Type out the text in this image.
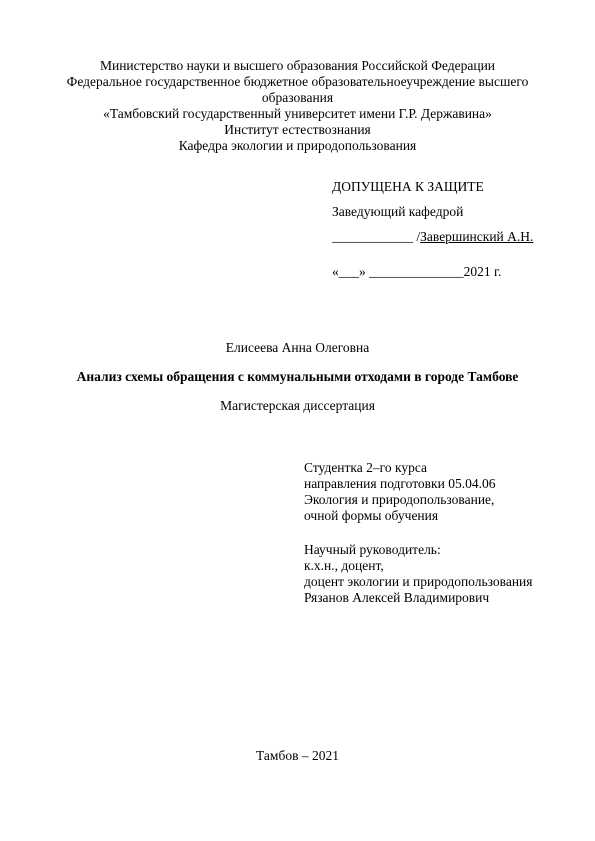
Министерство науки и высшего образования Российской Федерации
Федеральное государственное бюджетное образовательноеучреждение высшего
образования
«Тамбовский государственный университет имени Г.Р. Державина»
Институт естествознания
Кафедра экологии и природопользования
ДОПУЩЕНА К ЗАЩИТЕ
Заведующий кафедрой
____________ /Завершинский А.Н.
«___» ______________2021 г.
Елисеева Анна Олеговна
Анализ схемы обращения с коммунальными отходами в городе Тамбове
Магистерская диссертация
Студентка 2–го курса
направления подготовки 05.04.06
Экология и природопользование,
очной формы обучения
Научный руководитель:
к.х.н., доцент,
доцент экологии и природопользования
Рязанов Алексей Владимирович
Тамбов – 2021
